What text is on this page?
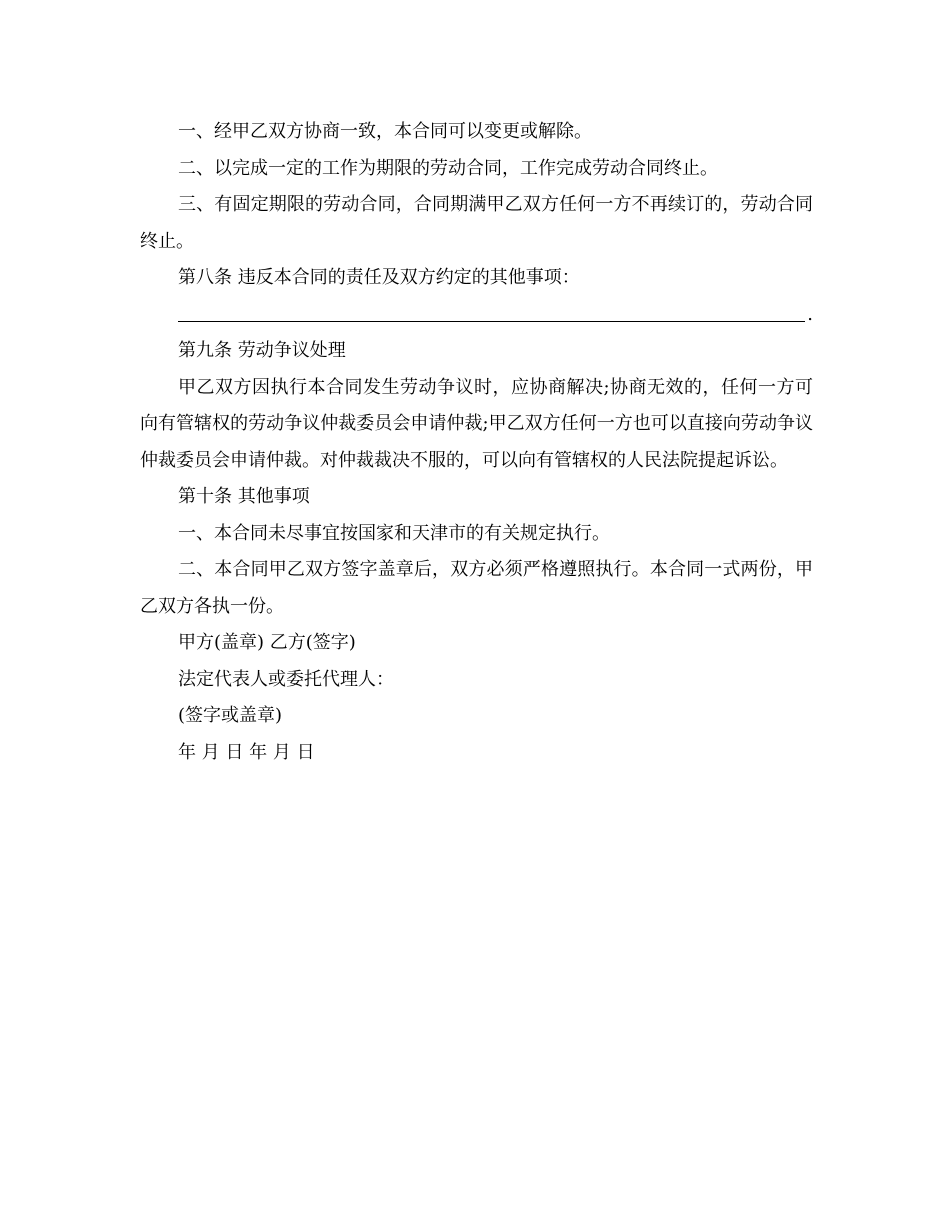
一、经甲乙双方协商一致，本合同可以变更或解除。

二、以完成一定的工作为期限的劳动合同，工作完成劳动合同终止。

三、有固定期限的劳动合同，合同期满甲乙双方任何一方不再续订的，劳动合同终止。

第八条 违反本合同的责任及双方约定的其他事项：

.

第九条 劳动争议处理

甲乙双方因执行本合同发生劳动争议时，应协商解决;协商无效的，任何一方可向有管辖权的劳动争议仲裁委员会申请仲裁;甲乙双方任何一方也可以直接向劳动争议仲裁委员会申请仲裁。对仲裁裁决不服的，可以向有管辖权的人民法院提起诉讼。

第十条 其他事项

一、本合同未尽事宜按国家和天津市的有关规定执行。

二、本合同甲乙双方签字盖章后，双方必须严格遵照执行。本合同一式两份，甲乙双方各执一份。

甲方(盖章) 乙方(签字)

法定代表人或委托代理人：

(签字或盖章)

年 月 日 年 月 日
